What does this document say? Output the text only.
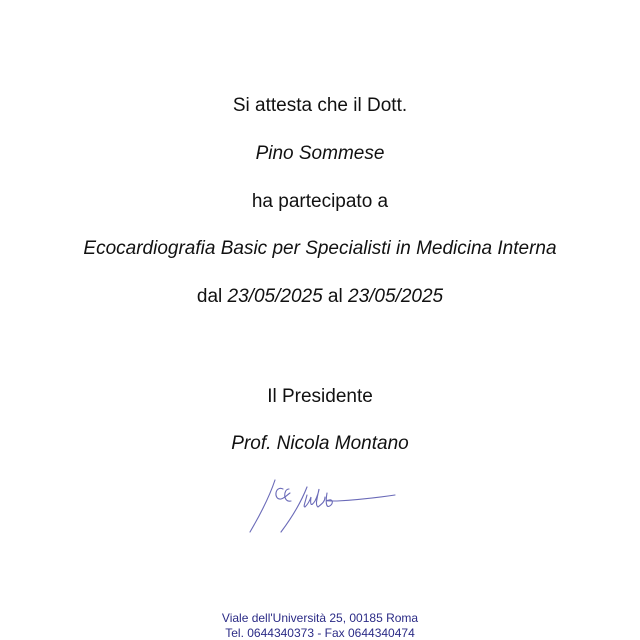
Si attesta che il Dott.
Pino Sommese
ha partecipato a
Ecocardiografia Basic per Specialisti in Medicina Interna
dal 23/05/2025 al 23/05/2025
Il Presidente
Prof. Nicola Montano
Viale dell'Università 25, 00185 Roma
Tel. 0644340373 - Fax 0644340474
